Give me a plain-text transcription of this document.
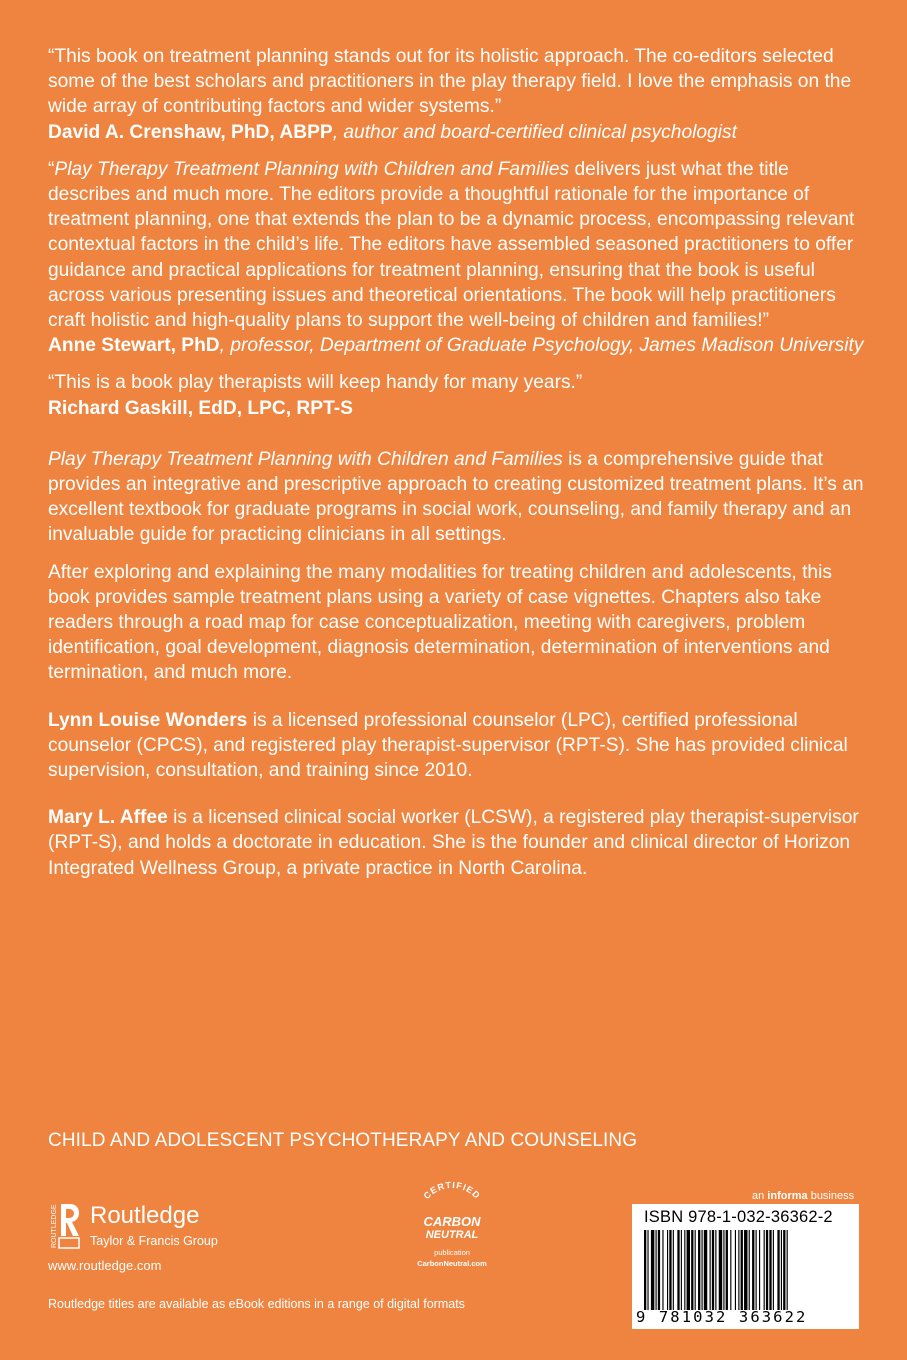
“This book on treatment planning stands out for its holistic approach. The co-editors selected some of the best scholars and practitioners in the play therapy field. I love the emphasis on the wide array of contributing factors and wider systems.”

David A. Crenshaw, PhD, ABPP, author and board-certified clinical psychologist

“Play Therapy Treatment Planning with Children and Families delivers just what the title describes and much more. The editors provide a thoughtful rationale for the importance of treatment planning, one that extends the plan to be a dynamic process, encompassing relevant contextual factors in the child’s life. The editors have assembled seasoned practitioners to offer guidance and practical applications for treatment planning, ensuring that the book is useful across various presenting issues and theoretical orientations. The book will help practitioners craft holistic and high-quality plans to support the well-being of children and families!”

Anne Stewart, PhD, professor, Department of Graduate Psychology, James Madison University

“This is a book play therapists will keep handy for many years.”

Richard Gaskill, EdD, LPC, RPT-S

Play Therapy Treatment Planning with Children and Families is a comprehensive guide that provides an integrative and prescriptive approach to creating customized treatment plans. It’s an excellent textbook for graduate programs in social work, counseling, and family therapy and an invaluable guide for practicing clinicians in all settings.

After exploring and explaining the many modalities for treating children and adolescents, this book provides sample treatment plans using a variety of case vignettes. Chapters also take readers through a road map for case conceptualization, meeting with caregivers, problem identification, goal development, diagnosis determination, determination of interventions and termination, and much more.

Lynn Louise Wonders is a licensed professional counselor (LPC), certified professional counselor (CPCS), and registered play therapist-supervisor (RPT-S). She has provided clinical supervision, consultation, and training since 2010.

Mary L. Affee is a licensed clinical social worker (LCSW), a registered play therapist-supervisor (RPT-S), and holds a doctorate in education. She is the founder and clinical director of Horizon Integrated Wellness Group, a private practice in North Carolina.

CHILD AND ADOLESCENT PSYCHOTHERAPY AND COUNSELING
ROUTLEDGE Routledge
Taylor & Francis Group
www.routledge.com
Routledge titles are available as eBook editions in a range of digital formats
CERTIFIED
CARBON
NEUTRAL
publication
CarbonNeutral.com
an informa business
ISBN 978-1-032-36362-2
9 781032 363622
